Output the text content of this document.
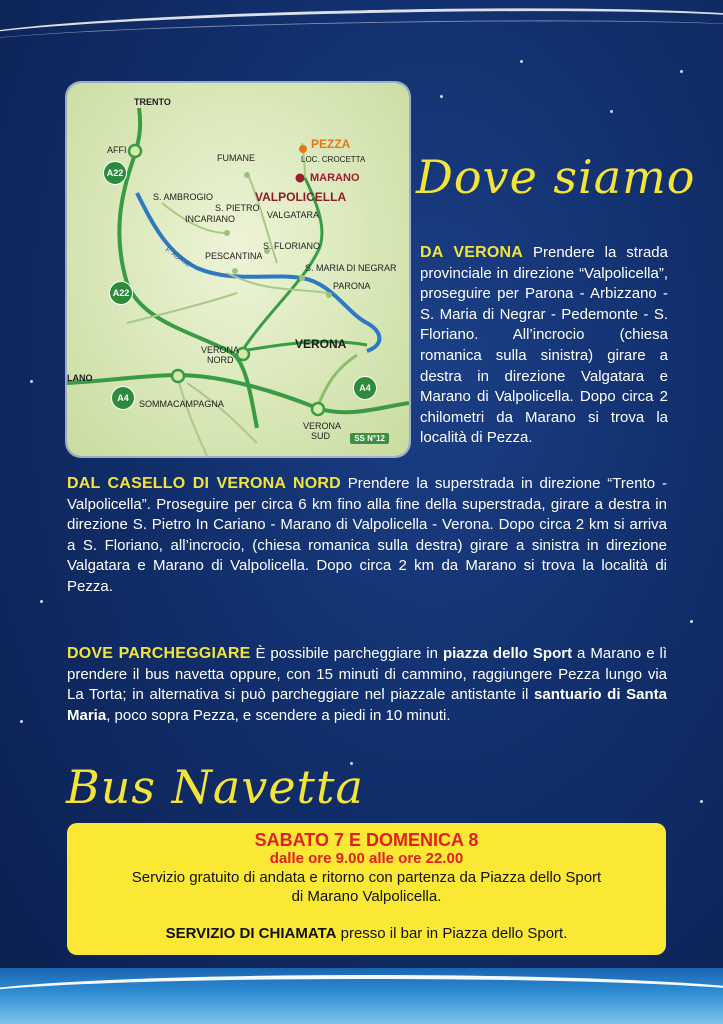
TRENTO
AFFI
A22
A22
FUMANE
PEZZA
LOC. CROCETTA
MARANO
VALPOLICELLA
VALGATARA
S. AMBROGIO
S. PIETRO
INCARIANO
F. ADIGE PESCANTINA
S. FLORIANO
S. MARIA DI NEGRAR
PARONA
VERONA
VERONA
NORD
LANO
A4
A4
SOMMACAMPAGNA
VERONA
SUD	SS N°12
Dove siamo
DA VERONA Prendere la strada provinciale in direzione “Valpolicella”, proseguire per Parona - Arbizzano - S. Maria di Negrar - Pedemonte - S. Floriano. All’incrocio (chiesa romanica sulla sinistra) girare a destra in direzione Valgatara e Marano di Valpolicella. Dopo circa 2 chilometri da Marano si trova la località di Pezza.
DAL CASELLO DI VERONA NORD Prendere la superstrada in direzione “Trento - Valpolicella”. Proseguire per circa 6 km fino alla fine della superstrada, girare a destra in direzione S. Pietro In Cariano - Marano di Valpolicella - Verona. Dopo circa 2 km si arriva a S. Floriano, all’incrocio, (chiesa romanica sulla destra) girare a sinistra in direzione Valgatara e Marano di Valpolicella. Dopo circa 2 km da Marano si trova la località di Pezza.
DOVE PARCHEGGIARE È possibile parcheggiare in piazza dello Sport a Marano e lì prendere il bus navetta oppure, con 15 minuti di cammino, raggiungere Pezza lungo via La Torta; in alternativa si può parcheggiare nel piazzale antistante il santuario di Santa Maria, poco sopra Pezza, e scendere a piedi in 10 minuti.
Bus Navetta
SABATO 7 E DOMENICA 8
dalle ore 9.00 alle ore 22.00
Servizio gratuito di andata e ritorno con partenza da Piazza dello Sport
di Marano Valpolicella.
SERVIZIO DI CHIAMATA presso il bar in Piazza dello Sport.
